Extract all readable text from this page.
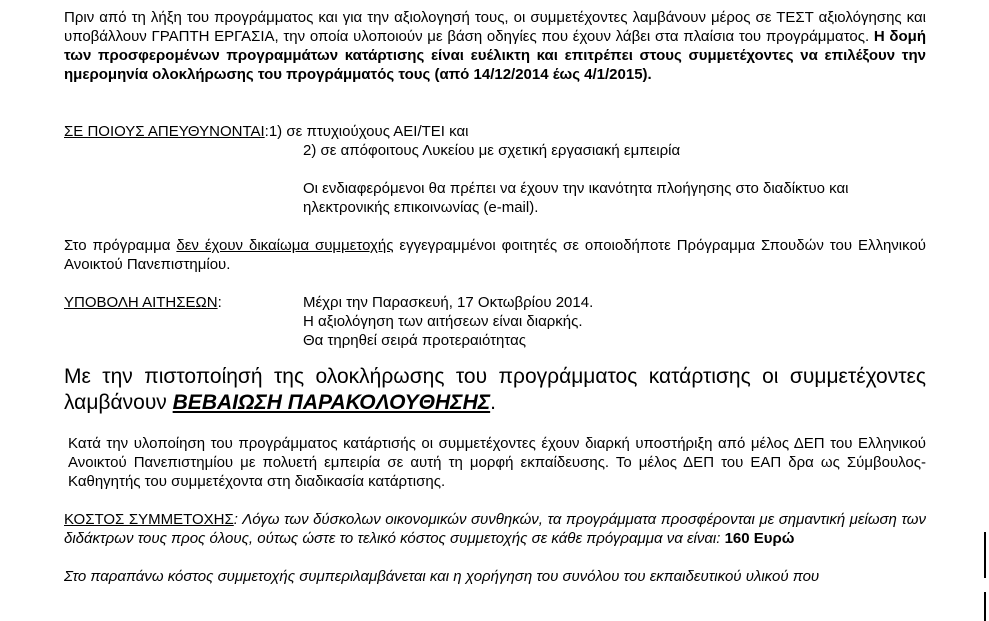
Πριν από τη λήξη του προγράμματος και για την αξιολογησή τους, οι συμμετέχοντες λαμβάνουν μέρος σε ΤΕΣΤ αξιολόγησης και υποβάλλουν ΓΡΑΠΤΗ ΕΡΓΑΣΙΑ, την οποία υλοποιούν με βάση οδηγίες που έχουν λάβει στα πλαίσια του προγράμματος. Η δομή των προσφερομένων προγραμμάτων κατάρτισης είναι ευέλικτη και επιτρέπει στους συμμετέχοντες να επιλέξουν την ημερομηνία ολοκλήρωσης του προγράμματός τους (από 14/12/2014 έως 4/1/2015).

ΣΕ ΠΟΙΟΥΣ ΑΠΕΥΘΥΝΟΝΤΑΙ: 1) σε πτυχιούχους ΑΕΙ/ΤΕΙ και

2) σε απόφοιτους Λυκείου με σχετική εργασιακή εμπειρία

Οι ενδιαφερόμενοι θα πρέπει να έχουν την ικανότητα πλοήγησης στο διαδίκτυο και ηλεκτρονικής επικοινωνίας (e-mail).

Στο πρόγραμμα δεν έχουν δικαίωμα συμμετοχής εγγεγραμμένοι φοιτητές σε οποιοδήποτε Πρόγραμμα Σπουδών του Ελληνικού Ανοικτού Πανεπιστημίου.

ΥΠΟΒΟΛΗ ΑΙΤΗΣΕΩΝ:	Μέχρι την Παρασκευή, 17 Οκτωβρίου 2014.

Η αξιολόγηση των αιτήσεων είναι διαρκής.

Θα τηρηθεί σειρά προτεραιότητας

Με την πιστοποίησή της ολοκλήρωσης του προγράμματος κατάρτισης οι συμμετέχοντες λαμβάνουν ΒΕΒΑΙΩΣΗ ΠΑΡΑΚΟΛΟΥΘΗΣΗΣ.

Κατά την υλοποίηση του προγράμματος κατάρτισής οι συμμετέχοντες έχουν διαρκή υποστήριξη από μέλος ΔΕΠ του Ελληνικού Ανοικτού Πανεπιστημίου με πολυετή εμπειρία σε αυτή τη μορφή εκπαίδευσης. Το μέλος ΔΕΠ του ΕΑΠ δρα ως Σύμβουλος-Καθηγητής του συμμετέχοντα στη διαδικασία κατάρτισης.

ΚΟΣΤΟΣ ΣΥΜΜΕΤΟΧΗΣ: Λόγω των δύσκολων οικονομικών συνθηκών, τα προγράμματα προσφέρονται με σημαντική μείωση των διδάκτρων τους προς όλους, ούτως ώστε το τελικό κόστος συμμετοχής σε κάθε πρόγραμμα να είναι: 160 Ευρώ

Στο παραπάνω κόστος συμμετοχής συμπεριλαμβάνεται και η χορήγηση του συνόλου του εκπαιδευτικού υλικού που
